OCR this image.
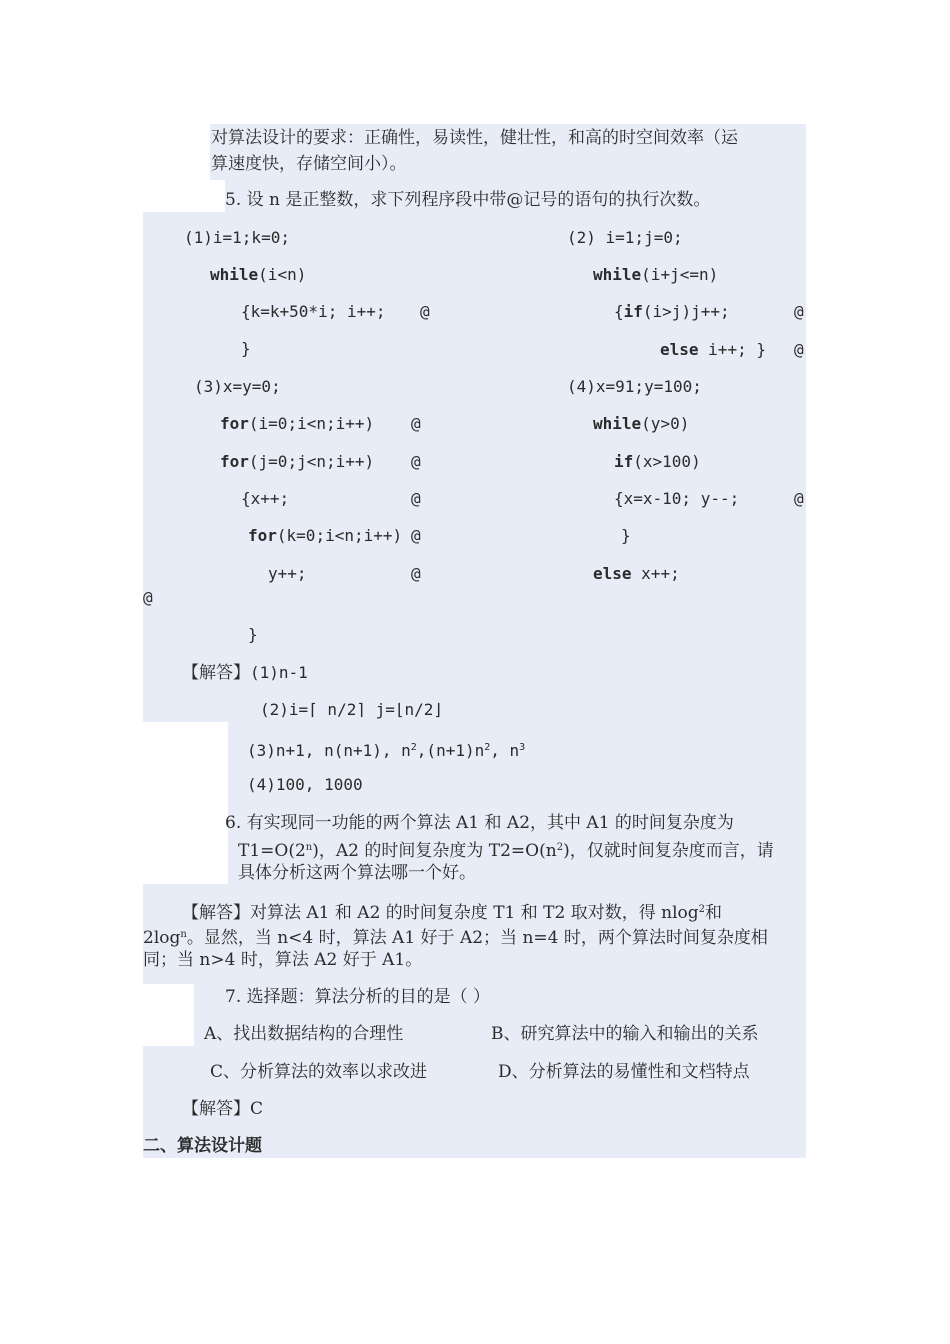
对算法设计的要求：正确性，易读性，健壮性，和高的时空间效率（运
算速度快，存储空间小）。
5. 设 n 是正整数，求下列程序段中带@记号的语句的执行次数。
(1)i=1;k=0;
while(i<n)
{k=k+50*i; i++; @
}
(2) i=1;j=0;
while(i+j<=n)
{if(i>j)j++;	@
else i++; } @
(3)x=y=0;
for(i=0;i<n;i++) @
for(j=0;j<n;i++) @
{x++;	@
for(k=0;i<n;i++) @
y++;	@
@
}
(4)x=91;y=100;
while(y>0)
if(x>100)
{x=x-10; y--;	@
}
else x++;
【解答】(1)n-1
(2)i=⌈ n/2⌉ j=⌊n/2⌋
(3)n+1, n(n+1), $n^2,(n+1)n^2$, $n^3$
(4)100, 1000
6. 有实现同一功能的两个算法 A1 和 A2，其中 A1 的时间复杂度为
$T1=O(2^n)$，A2 的时间复杂度为 $T2=O(n^2)$，仅就时间复杂度而言，请
具体分析这两个算法哪一个好。
【解答】对算法 A1 和 A2 的时间复杂度 T1 和 T2 取对数，得 nlog$^2$和
$2\log^n$。显然，当 n<4 时，算法 A1 好于 A2；当 n=4 时，两个算法时间复杂度相
同；当 n>4 时，算法 A2 好于 A1。
7. 选择题：算法分析的目的是（ ）
A、找出数据结构的合理性	B、研究算法中的输入和输出的关系
C、分析算法的效率以求改进	D、分析算法的易懂性和文档特点
【解答】C
二、算法设计题
